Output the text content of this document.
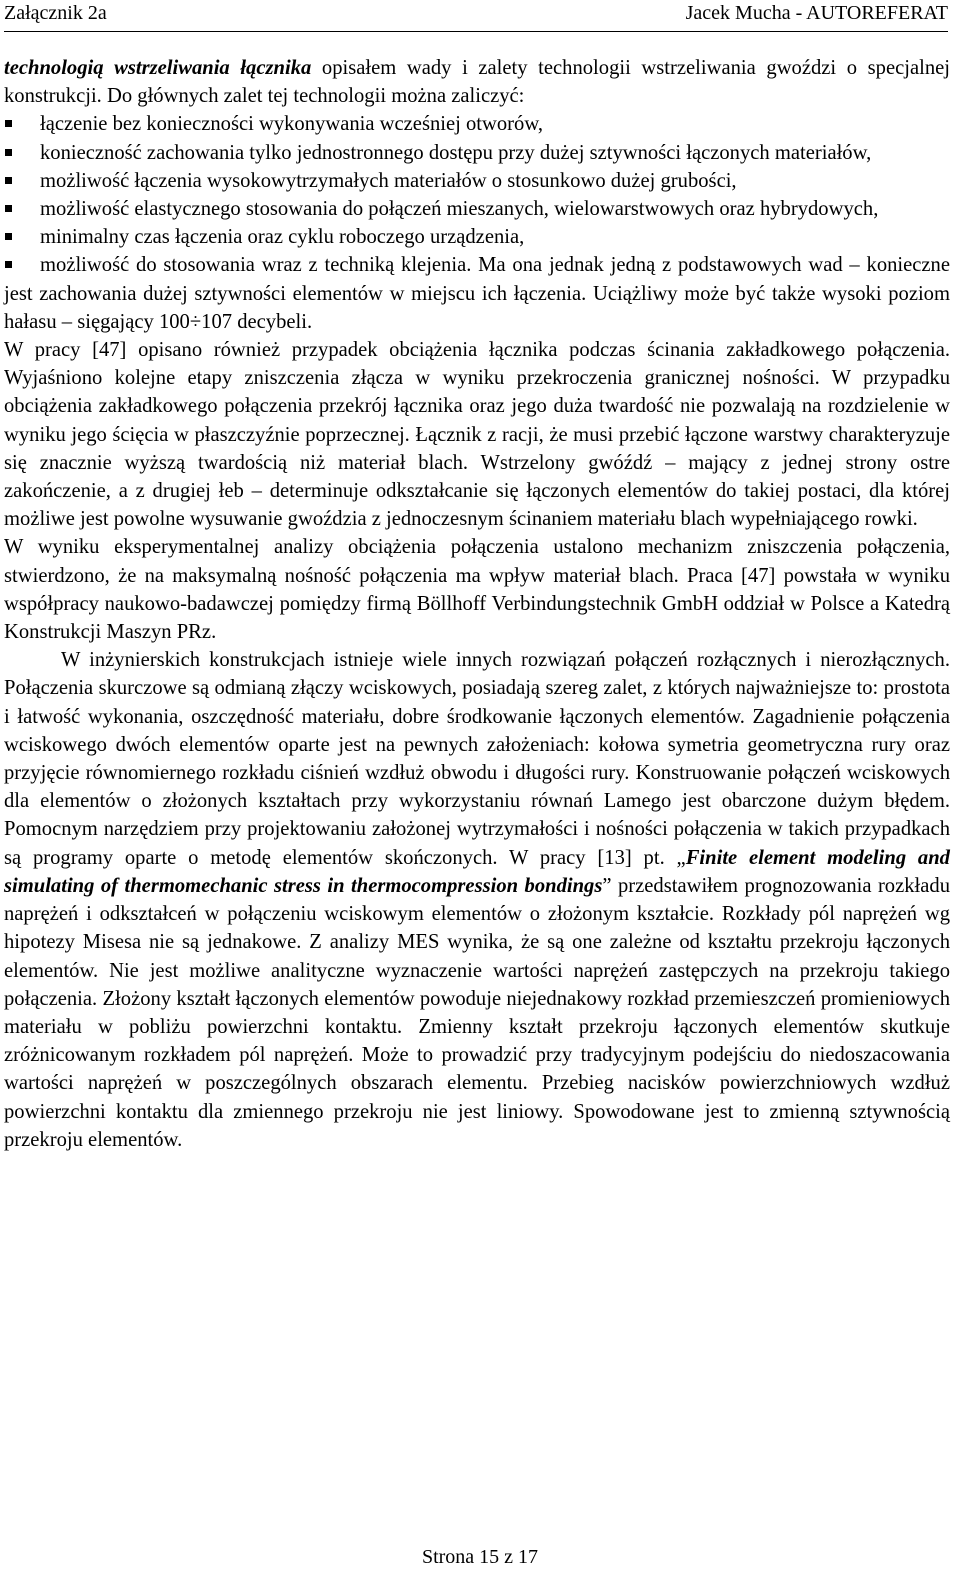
Załącznik 2a	Jacek Mucha - AUTOREFERAT

technologią wstrzeliwania łącznika opisałem wady i zalety technologii wstrzeliwania gwoździ o specjalnej konstrukcji. Do głównych zalet tej technologii można zaliczyć:

łączenie bez konieczności wykonywania wcześniej otworów,
konieczność zachowania tylko jednostronnego dostępu przy dużej sztywności łączonych materiałów,
możliwość łączenia wysokowytrzymałych materiałów o stosunkowo dużej grubości,
możliwość elastycznego stosowania do połączeń mieszanych, wielowarstwowych oraz hybrydowych,
minimalny czas łączenia oraz cyklu roboczego urządzenia,

możliwość do stosowania wraz z techniką klejenia. Ma ona jednak jedną z podstawowych wad – konieczne jest zachowania dużej sztywności elementów w miejscu ich łączenia. Uciążliwy może być także wysoki poziom hałasu – sięgający 100÷107 decybeli.

W pracy [47] opisano również przypadek obciążenia łącznika podczas ścinania zakładkowego połączenia. Wyjaśniono kolejne etapy zniszczenia złącza w wyniku przekroczenia granicznej nośności. W przypadku obciążenia zakładkowego połączenia przekrój łącznika oraz jego duża twardość nie pozwalają na rozdzielenie w wyniku jego ścięcia w płaszczyźnie poprzecznej. Łącznik z racji, że musi przebić łączone warstwy charakteryzuje się znacznie wyższą twardością niż materiał blach. Wstrzelony gwóźdź – mający z jednej strony ostre zakończenie, a z drugiej łeb – determinuje odkształcanie się łączonych elementów do takiej postaci, dla której możliwe jest powolne wysuwanie gwoździa z jednoczesnym ścinaniem materiału blach wypełniającego rowki.

W wyniku eksperymentalnej analizy obciążenia połączenia ustalono mechanizm zniszczenia połączenia, stwierdzono, że na maksymalną nośność połączenia ma wpływ materiał blach. Praca [47] powstała w wyniku współpracy naukowo-badawczej pomiędzy firmą Böllhoff Verbindungstechnik GmbH oddział w Polsce a Katedrą Konstrukcji Maszyn PRz.

W inżynierskich konstrukcjach istnieje wiele innych rozwiązań połączeń rozłącznych i nierozłącznych. Połączenia skurczowe są odmianą złączy wciskowych, posiadają szereg zalet, z których najważniejsze to: prostota i łatwość wykonania, oszczędność materiału, dobre środkowanie łączonych elementów. Zagadnienie połączenia wciskowego dwóch elementów oparte jest na pewnych założeniach: kołowa symetria geometryczna rury oraz przyjęcie równomiernego rozkładu ciśnień wzdłuż obwodu i długości rury. Konstruowanie połączeń wciskowych dla elementów o złożonych kształtach przy wykorzystaniu równań Lamego jest obarczone dużym błędem. Pomocnym narzędziem przy projektowaniu założonej wytrzymałości i nośności połączenia w takich przypadkach są programy oparte o metodę elementów skończonych. W pracy [13] pt. „Finite element modeling and simulating of thermomechanic stress in thermocompression bondings” przedstawiłem prognozowania rozkładu naprężeń i odkształceń w połączeniu wciskowym elementów o złożonym kształcie. Rozkłady pól naprężeń wg hipotezy Misesa nie są jednakowe. Z analizy MES wynika, że są one zależne od kształtu przekroju łączonych elementów. Nie jest możliwe analityczne wyznaczenie wartości naprężeń zastępczych na przekroju takiego połączenia. Złożony kształt łączonych elementów powoduje niejednakowy rozkład przemieszczeń promieniowych materiału w pobliżu powierzchni kontaktu. Zmienny kształt przekroju łączonych elementów skutkuje zróżnicowanym rozkładem pól naprężeń. Może to prowadzić przy tradycyjnym podejściu do niedoszacowania wartości naprężeń w poszczególnych obszarach elementu. Przebieg nacisków powierzchniowych wzdłuż powierzchni kontaktu dla zmiennego przekroju nie jest liniowy. Spowodowane jest to zmienną sztywnością przekroju elementów.

Strona 15 z 17
